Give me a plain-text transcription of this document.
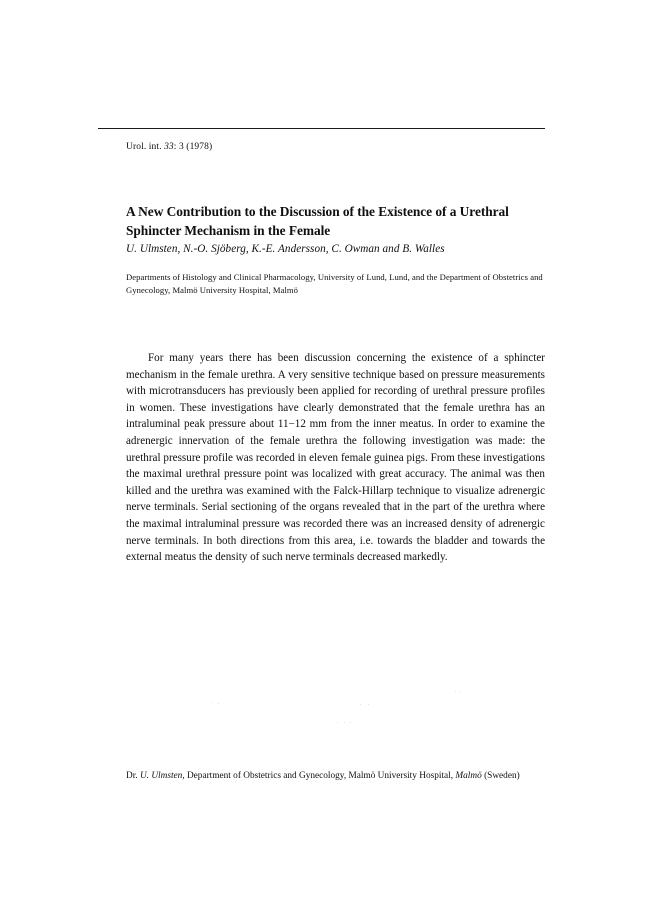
Urol. int. 33: 3 (1978)
A New Contribution to the Discussion of the Existence of a Urethral Sphincter Mechanism in the Female
U. Ulmsten, N.-O. Sjöberg, K.-E. Andersson, C. Owman and B. Walles
Departments of Histology and Clinical Pharmacology, University of Lund, Lund, and the Department of Obstetrics and Gynecology, Malmö University Hospital, Malmö
For many years there has been discussion concerning the existence of a sphincter mechanism in the female urethra. A very sensitive technique based on pressure measurements with microtransducers has previously been applied for recording of urethral pressure profiles in women. These investigations have clearly demonstrated that the female urethra has an intraluminal peak pressure about 11−12 mm from the inner meatus. In order to examine the adrenergic innervation of the female urethra the following investigation was made: the urethral pressure profile was recorded in eleven female guinea pigs. From these investigations the maximal urethral pressure point was localized with great accuracy. The animal was then killed and the urethra was examined with the Falck-Hillarp technique to visualize adrenergic nerve terminals. Serial sectioning of the organs revealed that in the part of the urethra where the maximal intraluminal pressure was recorded there was an increased density of adrenergic nerve terminals. In both directions from this area, i.e. towards the bladder and towards the external meatus the density of such nerve terminals decreased markedly.
Dr. U. Ulmsten, Department of Obstetrics and Gynecology, Malmö University Hospital, Malmö (Sweden)
